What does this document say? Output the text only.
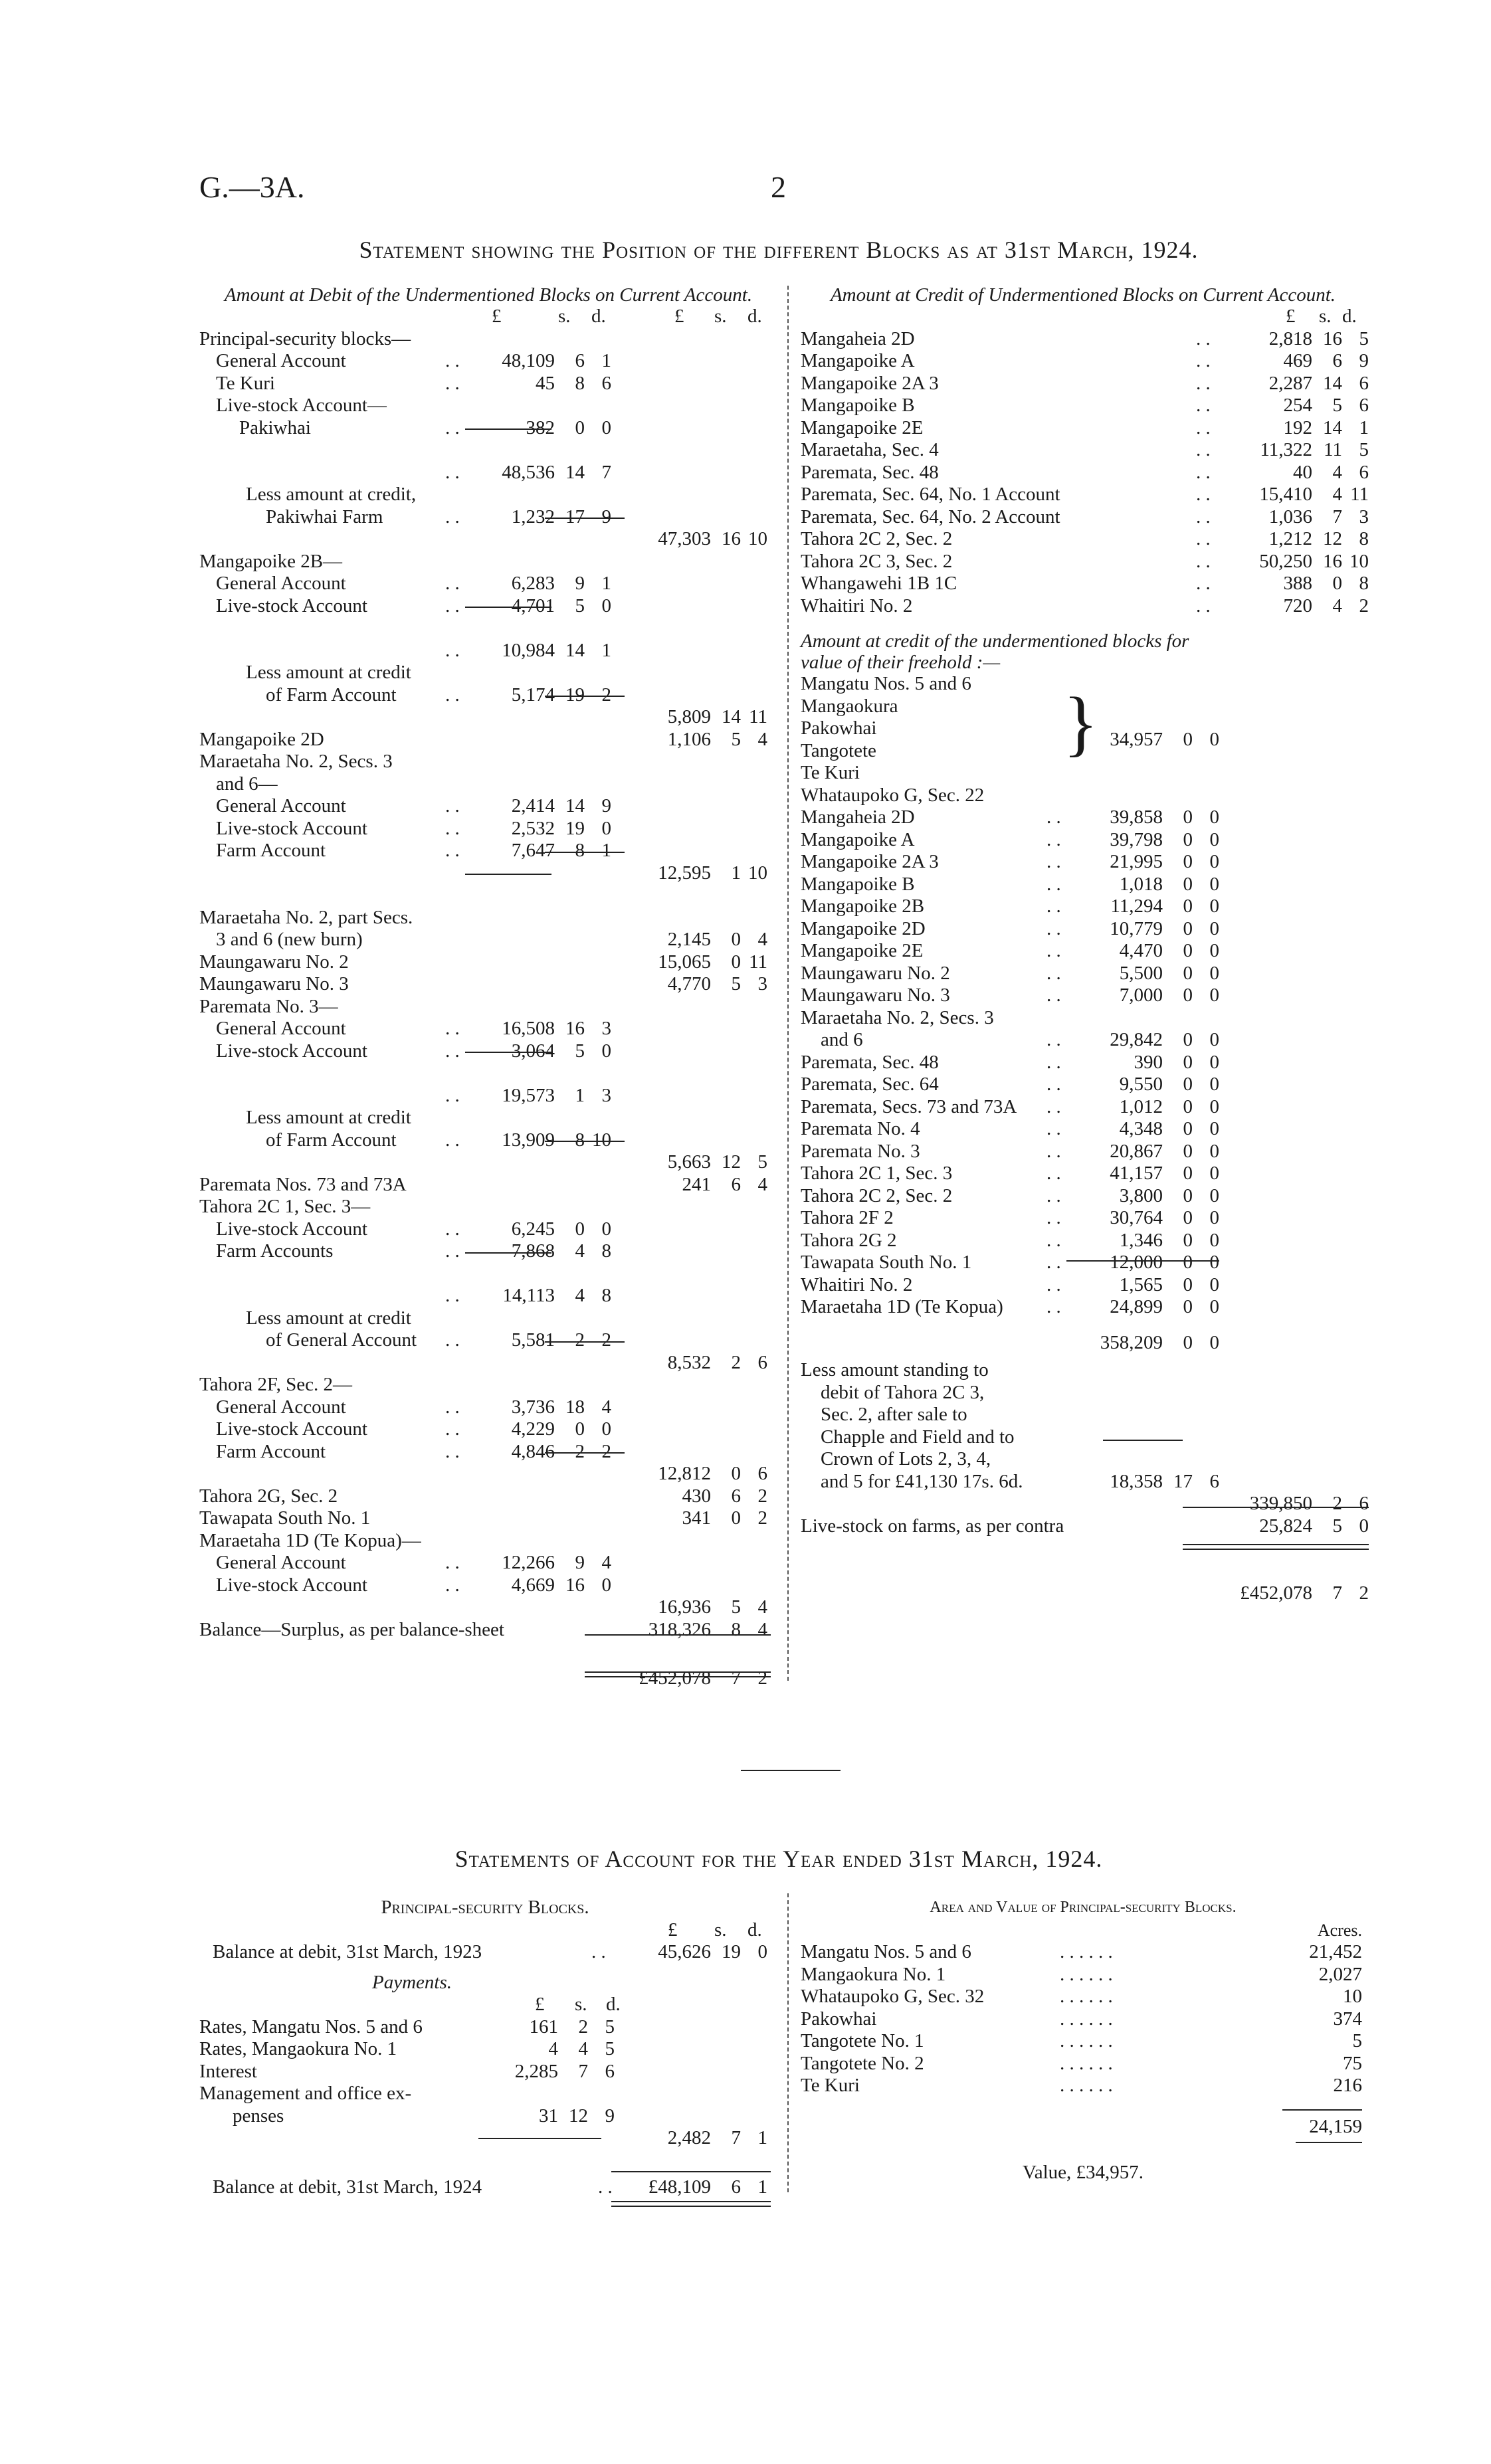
G.—3A.	2
Statement showing the Position of the different Blocks as at 31st March, 1924.
Amount at Debit of the Undermentioned Blocks on Current Account.
£	s. d.	£ s. d.
Principal-security blocks—
General Account	. .	48,109	6 1
Te Kuri	. .	45	8 6
Live-stock Account—
Pakiwhai	. .	382	0 0
. .	48,536 14 7
Less amount at credit,
Pakiwhai Farm	. .	1,232 17 9
47,303 16 10
Mangapoike 2B—
General Account	. .	6,283	9 1
Live-stock Account	. .	4,701	5 0
. .	10,984 14 1
Less amount at credit
of Farm Account	. .	5,174 19 2
5,809 14 11
Mangapoike 2D	1,106	5 4
Maraetaha No. 2, Secs. 3
and 6—
General Account	. .	2,414 14 9
Live-stock Account	. .	2,532 19 0
Farm Account	. .	7,647	8 1
12,595	1 10
Maraetaha No. 2, part Secs.
3 and 6 (new burn)	2,145	0 4
Maungawaru No. 2	15,065	0 11
Maungawaru No. 3	4,770	5 3
Paremata No. 3—
General Account	. .	16,508 16 3
Live-stock Account	. .	3,064	5 0
. .	19,573	1 3
Less amount at credit
of Farm Account	. .	13,909	8 10
5,663 12 5
Paremata Nos. 73 and 73A	241	6 4
Tahora 2C 1, Sec. 3—
Live-stock Account	. .	6,245	0 0
Farm Accounts	. .	7,868	4 8
. .	14,113	4 8
Less amount at credit
of General Account . .	5,581	2 2
8,532	2 6
Tahora 2F, Sec. 2—
General Account	. .	3,736 18 4
Live-stock Account	. .	4,229	0 0
Farm Account	. .	4,846	2 2
12,812	0 6
Tahora 2G, Sec. 2	430	6 2
Tawapata South No. 1	341	0 2
Maraetaha 1D (Te Kopua)—
General Account	. .	12,266	9 4
Live-stock Account	. .	4,669 16 0
16,936	5 4
Balance—Surplus, as per balance-sheet	318,326	8 4
£452,078	7 2
Amount at Credit of Undermentioned Blocks on Current Account.
£ s. d.
Mangaheia 2D	. .	2,818 16 5
Mangapoike A	. .	469	6 9
Mangapoike 2A 3	. .	2,287 14 6
Mangapoike B	. .	254	5 6
Mangapoike 2E	. .	192 14 1
Maraetaha, Sec. 4	. .	11,322 11 5
Paremata, Sec. 48	. .	40	4 6
Paremata, Sec. 64, No. 1 Account	. .	15,410	4 11
Paremata, Sec. 64, No. 2 Account	. .	1,036	7 3
Tahora 2C 2, Sec. 2	. .	1,212 12 8
Tahora 2C 3, Sec. 2	. .	50,250 16 10
Whangawehi 1B 1C	. .	388	0 8
Whaitiri No. 2	. .	720	4 2
Amount at credit of the undermentioned blocks for value of their freehold :—
Mangatu Nos. 5 and 6
Mangaokura
Pakowhai
Tangotete
Te Kuri
Whataupoko G, Sec. 22
} 34,957	0 0
Mangaheia 2D	. .	39,858	0 0
Mangapoike A	. .	39,798	0 0
Mangapoike 2A 3	. .	21,995	0 0
Mangapoike B	. .	1,018	0 0
Mangapoike 2B	. .	11,294	0 0
Mangapoike 2D	. .	10,779	0 0
Mangapoike 2E	. .	4,470	0 0
Maungawaru No. 2	. .	5,500	0 0
Maungawaru No. 3	. .	7,000	0 0
Maraetaha No. 2, Secs. 3
and 6	. .	29,842	0 0
Paremata, Sec. 48	. .	390	0 0
Paremata, Sec. 64	. .	9,550	0 0
Paremata, Secs. 73 and 73A . .	1,012	0 0
Paremata No. 4	. .	4,348	0 0
Paremata No. 3	. .	20,867	0 0
Tahora 2C 1, Sec. 3	. .	41,157	0 0
Tahora 2C 2, Sec. 2	. .	3,800	0 0
Tahora 2F 2	. .	30,764	0 0
Tahora 2G 2	. .	1,346	0 0
Tawapata South No. 1	. .	12,000	0 0
Whaitiri No. 2	. .	1,565	0 0
Maraetaha 1D (Te Kopua) . .	24,899	0 0
358,209	0 0
Less amount standing to
debit of Tahora 2C 3,
Sec. 2, after sale to
Chapple and Field and to
Crown of Lots 2, 3, 4,
and 5 for £41,130 17s. 6d.	18,358 17 6
339,850	2 6
Live-stock on farms, as per contra	25,824	5 0
£452,078	7 2
Statements of Account for the Year ended 31st March, 1924.
Principal-security Blocks.
£ s. d.
Balance at debit, 31st March, 1923	. .	45,626 19 0
Payments.
£ s. d.
Rates, Mangatu Nos. 5 and 6	161	2 5
Rates, Mangaokura No. 1	4	4 5
Interest	2,285	7 6
Management and office ex-
penses	31 12 9
2,482	7 1
Balance at debit, 31st March, 1924	. .	£48,109	6 1
Area and Value of Principal-security Blocks.
Acres.
Mangatu Nos. 5 and 6	. . . . . .	21,452
Mangaokura No. 1	. . . . . .	2,027
Whataupoko G, Sec. 32	. . . . . .	10
Pakowhai	. . . . . .	374
Tangotete No. 1	. . . . . .	5
Tangotete No. 2	. . . . . .	75
Te Kuri	. . . . . .	216
24,159
Value, £34,957.
